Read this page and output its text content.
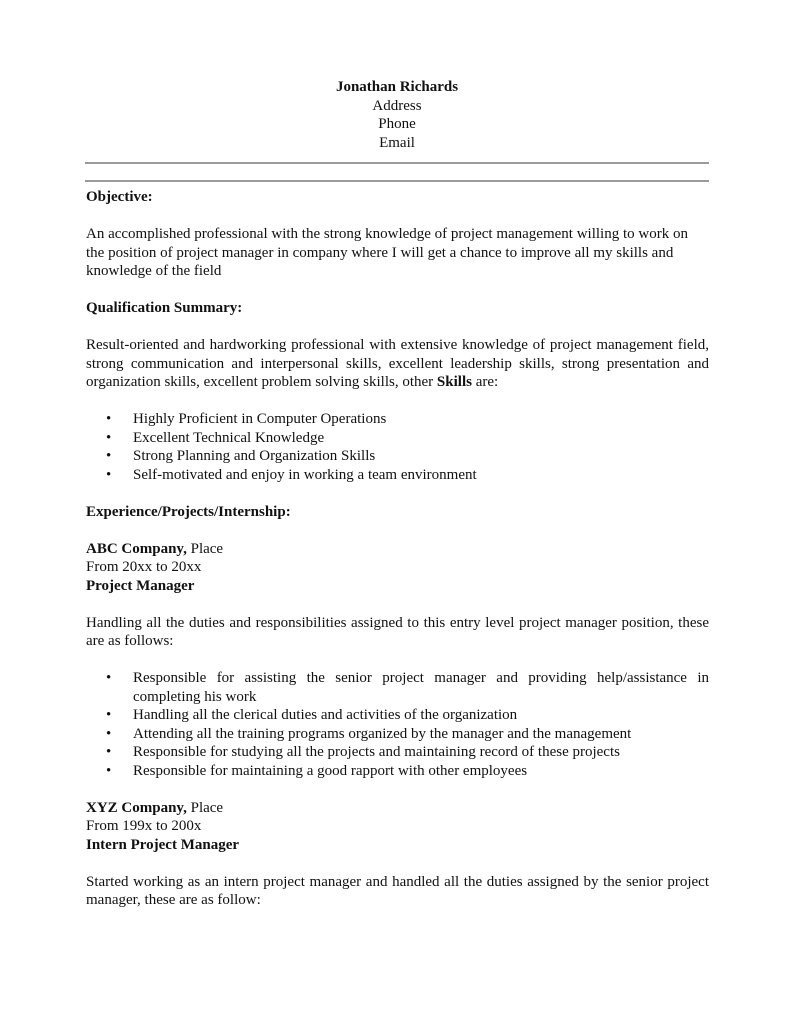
Jonathan Richards
Address
Phone
Email
Objective:

An accomplished professional with the strong knowledge of project management willing to work on the position of project manager in company where I will get a chance to improve all my skills and knowledge of the field

Qualification Summary:

Result-oriented and hardworking professional with extensive knowledge of project management field, strong communication and interpersonal skills, excellent leadership skills, strong presentation and organization skills, excellent problem solving skills, other Skills are:

• Highly Proficient in Computer Operations
• Excellent Technical Knowledge
• Strong Planning and Organization Skills
• Self-motivated and enjoy in working a team environment
Experience/Projects/Internship:

ABC Company, Place

From 20xx to 20xx

Project Manager

Handling all the duties and responsibilities assigned to this entry level project manager position, these are as follows:

• Responsible for assisting the senior project manager and providing help/assistance in completing his work
• Handling all the clerical duties and activities of the organization
• Attending all the training programs organized by the manager and the management
• Responsible for studying all the projects and maintaining record of these projects
• Responsible for maintaining a good rapport with other employees

XYZ Company, Place

From 199x to 200x

Intern Project Manager

Started working as an intern project manager and handled all the duties assigned by the senior project manager, these are as follow:
